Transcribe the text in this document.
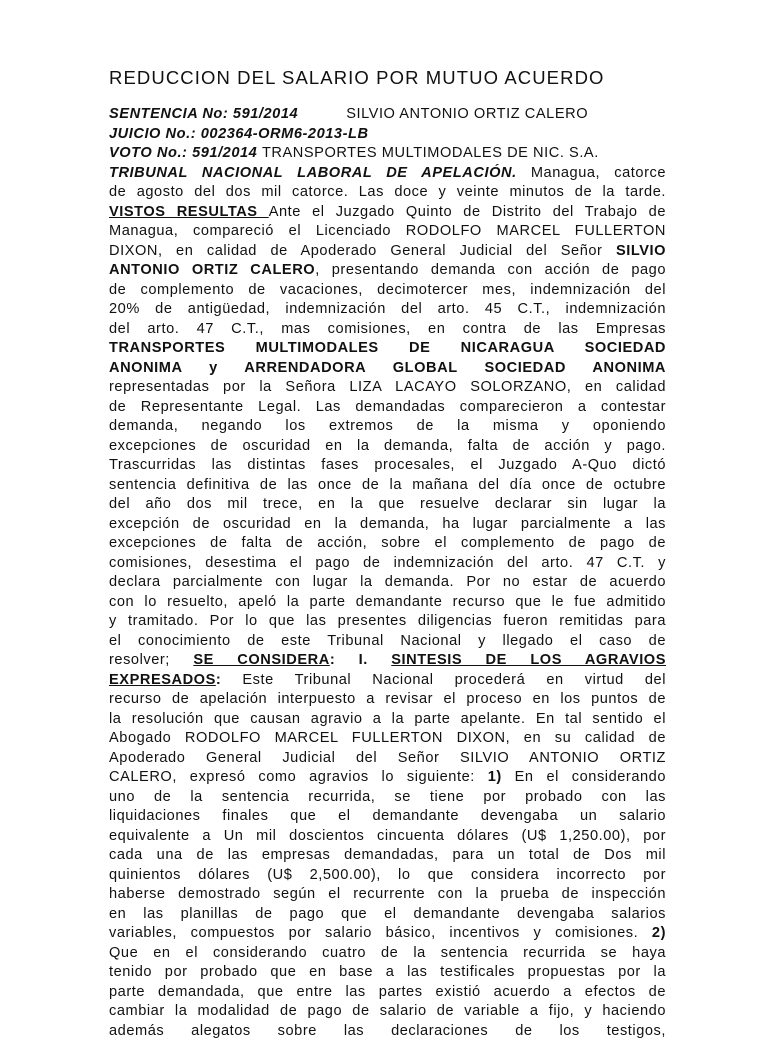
REDUCCION DEL SALARIO POR MUTUO ACUERDO
SENTENCIA No: 591/2014	SILVIO ANTONIO ORTIZ CALERO
JUICIO No.: 002364-ORM6-2013-LB
VOTO No.: 591/2014 TRANSPORTES MULTIMODALES DE NIC. S.A.
TRIBUNAL NACIONAL LABORAL DE APELACIÓN. Managua, catorce
de agosto del dos mil catorce. Las doce y veinte minutos de la tarde.
VISTOS RESULTAS Ante el Juzgado Quinto de Distrito del Trabajo de
Managua, compareció el Licenciado RODOLFO MARCEL FULLERTON
DIXON, en calidad de Apoderado General Judicial del Señor SILVIO
ANTONIO ORTIZ CALERO, presentando demanda con acción de pago
de complemento de vacaciones, decimotercer mes, indemnización del
20% de antigüedad, indemnización del arto. 45 C.T., indemnización
del arto. 47 C.T., mas comisiones, en contra de las Empresas
TRANSPORTES MULTIMODALES DE NICARAGUA SOCIEDAD
ANONIMA y ARRENDADORA GLOBAL SOCIEDAD ANONIMA
representadas por la Señora LIZA LACAYO SOLORZANO, en calidad
de Representante Legal. Las demandadas comparecieron a contestar
demanda, negando los extremos de la misma y oponiendo
excepciones de oscuridad en la demanda, falta de acción y pago.
Trascurridas las distintas fases procesales, el Juzgado A-Quo dictó
sentencia definitiva de las once de la mañana del día once de octubre
del año dos mil trece, en la que resuelve declarar sin lugar la
excepción de oscuridad en la demanda, ha lugar parcialmente a las
excepciones de falta de acción, sobre el complemento de pago de
comisiones, desestima el pago de indemnización del arto. 47 C.T. y
declara parcialmente con lugar la demanda. Por no estar de acuerdo
con lo resuelto, apeló la parte demandante recurso que le fue admitido
y tramitado. Por lo que las presentes diligencias fueron remitidas para
el conocimiento de este Tribunal Nacional y llegado el caso de
resolver; SE CONSIDERA: I. SINTESIS DE LOS AGRAVIOS
EXPRESADOS: Este Tribunal Nacional procederá en virtud del
recurso de apelación interpuesto a revisar el proceso en los puntos de
la resolución que causan agravio a la parte apelante. En tal sentido el
Abogado RODOLFO MARCEL FULLERTON DIXON, en su calidad de
Apoderado General Judicial del Señor SILVIO ANTONIO ORTIZ
CALERO, expresó como agravios lo siguiente: 1) En el considerando
uno de la sentencia recurrida, se tiene por probado con las
liquidaciones finales que el demandante devengaba un salario
equivalente a Un mil doscientos cincuenta dólares (U$ 1,250.00), por
cada una de las empresas demandadas, para un total de Dos mil
quinientos dólares (U$ 2,500.00), lo que considera incorrecto por
haberse demostrado según el recurrente con la prueba de inspección
en las planillas de pago que el demandante devengaba salarios
variables, compuestos por salario básico, incentivos y comisiones. 2)
Que en el considerando cuatro de la sentencia recurrida se haya
tenido por probado que en base a las testificales propuestas por la
parte demandada, que entre las partes existió acuerdo a efectos de
cambiar la modalidad de pago de salario de variable a fijo, y haciendo
además alegatos sobre las declaraciones de los testigos,
